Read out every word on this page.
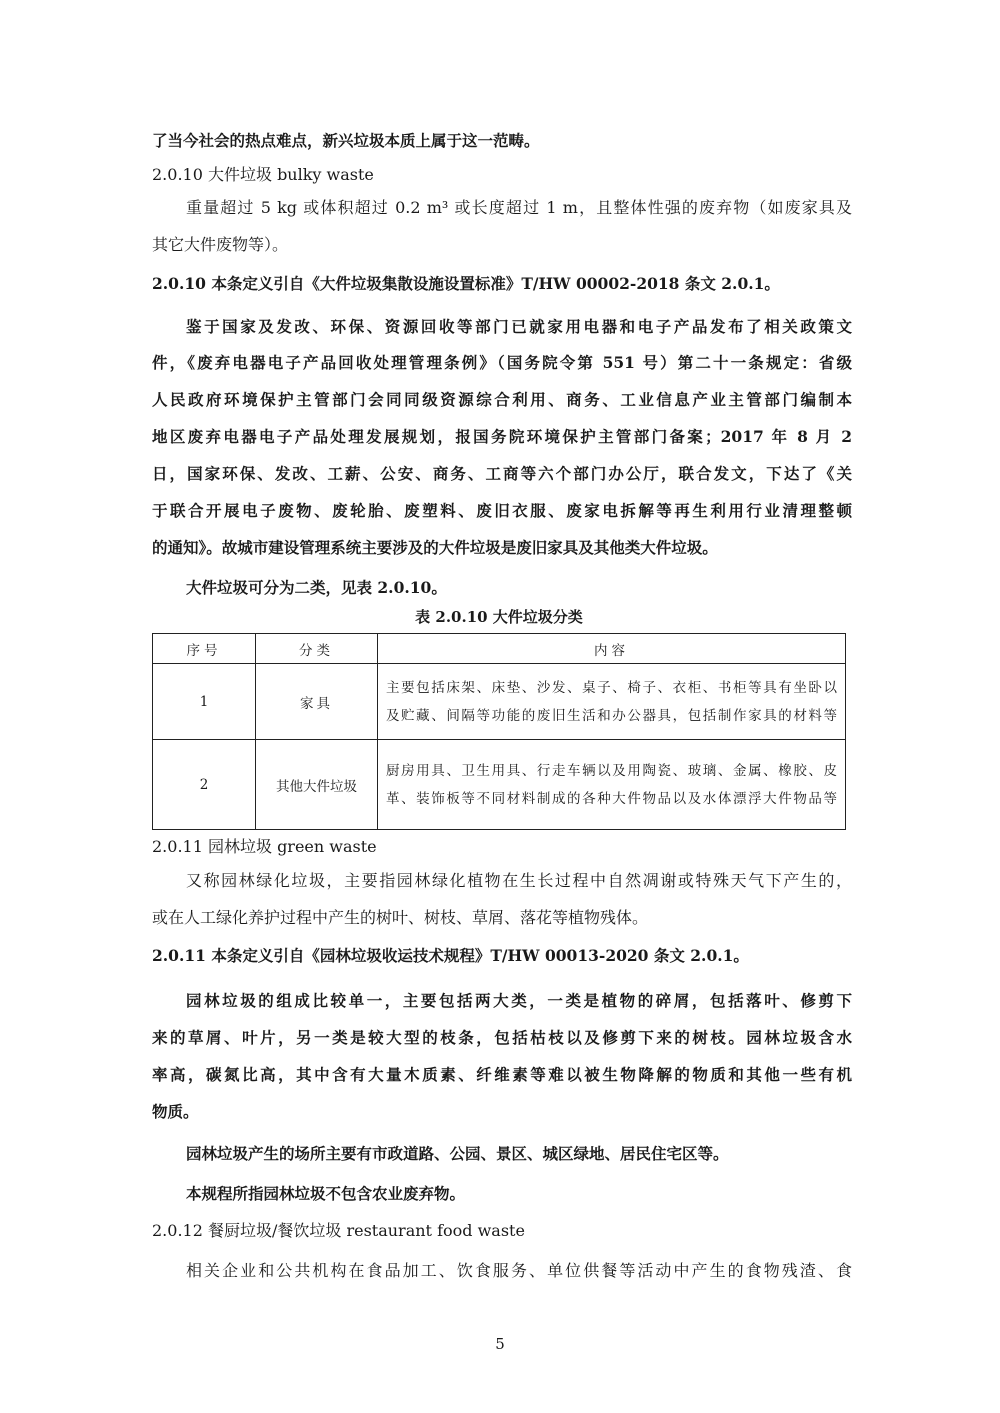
了当今社会的热点难点，新兴垃圾本质上属于这一范畴。
2.0.10 大件垃圾 bulky waste
重量超过 5 kg 或体积超过 0.2 m³ 或长度超过 1 m，且整体性强的废弃物（如废家具及
其它大件废物等）。
2.0.10 本条定义引自《大件垃圾集散设施设置标准》T/HW 00002-2018 条文 2.0.1。
鉴于国家及发改、环保、资源回收等部门已就家用电器和电子产品发布了相关政策文
件，《废弃电器电子产品回收处理管理条例》（国务院令第 551 号）第二十一条规定：省级
人民政府环境保护主管部门会同同级资源综合利用、商务、工业信息产业主管部门编制本
地区废弃电器电子产品处理发展规划，报国务院环境保护主管部门备案；2017 年 8 月 2
日，国家环保、发改、工薪、公安、商务、工商等六个部门办公厅，联合发文，下达了《关
于联合开展电子废物、废轮胎、废塑料、废旧衣服、废家电拆解等再生利用行业清理整顿
的通知》。故城市建设管理系统主要涉及的大件垃圾是废旧家具及其他类大件垃圾。
大件垃圾可分为二类，见表 2.0.10。
表 2.0.10 大件垃圾分类
序号	分类	内容
1	家具	主要包括床架、床垫、沙发、桌子、椅子、衣柜、书柜等具有坐卧以
及贮藏、间隔等功能的废旧生活和办公器具，包括制作家具的材料等

2	其他大件垃圾	厨房用具、卫生用具、行走车辆以及用陶瓷、玻璃、金属、橡胶、皮
革、装饰板等不同材料制成的各种大件物品以及水体漂浮大件物品等
2.0.11 园林垃圾 green waste
又称园林绿化垃圾，主要指园林绿化植物在生长过程中自然凋谢或特殊天气下产生的，
或在人工绿化养护过程中产生的树叶、树枝、草屑、落花等植物残体。
2.0.11 本条定义引自《园林垃圾收运技术规程》T/HW 00013-2020 条文 2.0.1。
园林垃圾的组成比较单一，主要包括两大类，一类是植物的碎屑，包括落叶、修剪下
来的草屑、叶片，另一类是较大型的枝条，包括枯枝以及修剪下来的树枝。园林垃圾含水
率高，碳氮比高，其中含有大量木质素、纤维素等难以被生物降解的物质和其他一些有机
物质。
园林垃圾产生的场所主要有市政道路、公园、景区、城区绿地、居民住宅区等。
本规程所指园林垃圾不包含农业废弃物。
2.0.12 餐厨垃圾/餐饮垃圾 restaurant food waste
相关企业和公共机构在食品加工、饮食服务、单位供餐等活动中产生的食物残渣、食
5
